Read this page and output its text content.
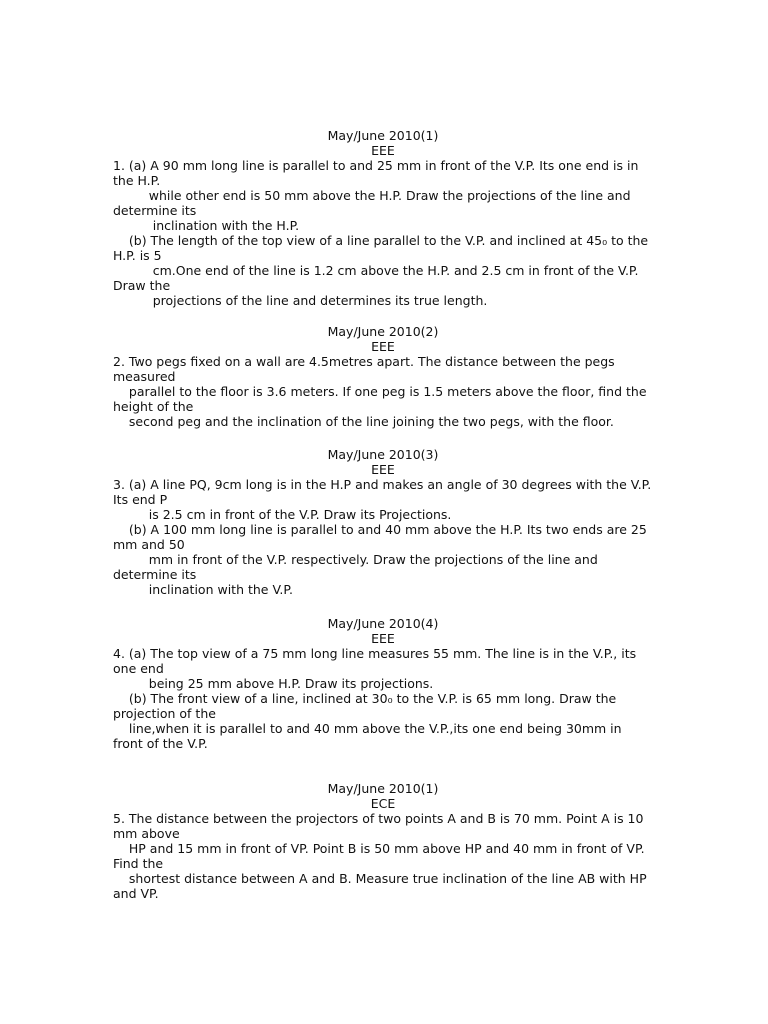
May/June 2010(1)
EEE
1. (a) A 90 mm long line is parallel to and 25 mm in front of the V.P. Its one end is in
the H.P.
while other end is 50 mm above the H.P. Draw the projections of the line and
determine its
inclination with the H.P.
(b) The length of the top view of a line parallel to the V.P. and inclined at 45₀ to the
H.P. is 5
cm.One end of the line is 1.2 cm above the H.P. and 2.5 cm in front of the V.P.
Draw the
projections of the line and determines its true length.
May/June 2010(2)
EEE
2. Two pegs fixed on a wall are 4.5metres apart. The distance between the pegs
measured
parallel to the floor is 3.6 meters. If one peg is 1.5 meters above the floor, find the
height of the
second peg and the inclination of the line joining the two pegs, with the floor.
May/June 2010(3)
EEE
3. (a) A line PQ, 9cm long is in the H.P and makes an angle of 30 degrees with the V.P.
Its end P
is 2.5 cm in front of the V.P. Draw its Projections.
(b) A 100 mm long line is parallel to and 40 mm above the H.P. Its two ends are 25
mm and 50
mm in front of the V.P. respectively. Draw the projections of the line and
determine its
inclination with the V.P.
May/June 2010(4)
EEE
4. (a) The top view of a 75 mm long line measures 55 mm. The line is in the V.P., its
one end
being 25 mm above H.P. Draw its projections.
(b) The front view of a line, inclined at 30₀ to the V.P. is 65 mm long. Draw the
projection of the
line,when it is parallel to and 40 mm above the V.P.,its one end being 30mm in
front of the V.P.
May/June 2010(1)
ECE
5. The distance between the projectors of two points A and B is 70 mm. Point A is 10
mm above
HP and 15 mm in front of VP. Point B is 50 mm above HP and 40 mm in front of VP.
Find the
shortest distance between A and B. Measure true inclination of the line AB with HP
and VP.
